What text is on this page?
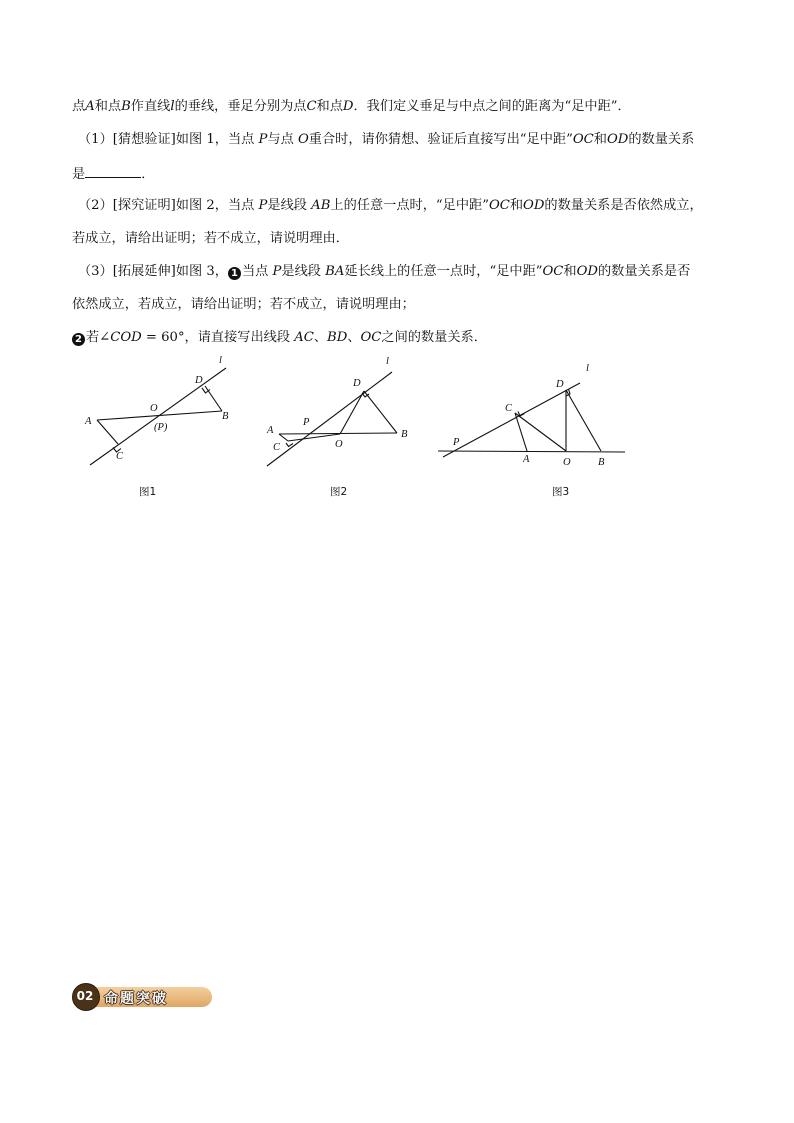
点A和点B作直线l的垂线，垂足分别为点C和点D．我们定义垂足与中点之间的距离为“足中距”．
（1）[猜想验证]如图 1，当点 P与点 O重合时，请你猜想、验证后直接写出“足中距”OC和OD的数量关系
是	．
（2）[探究证明]如图 2，当点 P是线段 AB上的任意一点时，“足中距”OC和OD的数量关系是否依然成立，
若成立，请给出证明；若不成立，请说明理由．
（3）[拓展延伸]如图 3， 1 当点 P是线段 BA延长线上的任意一点时，“足中距”OC和OD的数量关系是否
依然成立，若成立，请给出证明；若不成立，请说明理由；
2 若∠COD = 60°，请直接写出线段 AC、BD、OC之间的数量关系．
l
D
O
B
A
(P)
C
图1
l
D
P
A
C	O
B
图2
l
D
C
P
A	O	B
图3
02 命题突破
